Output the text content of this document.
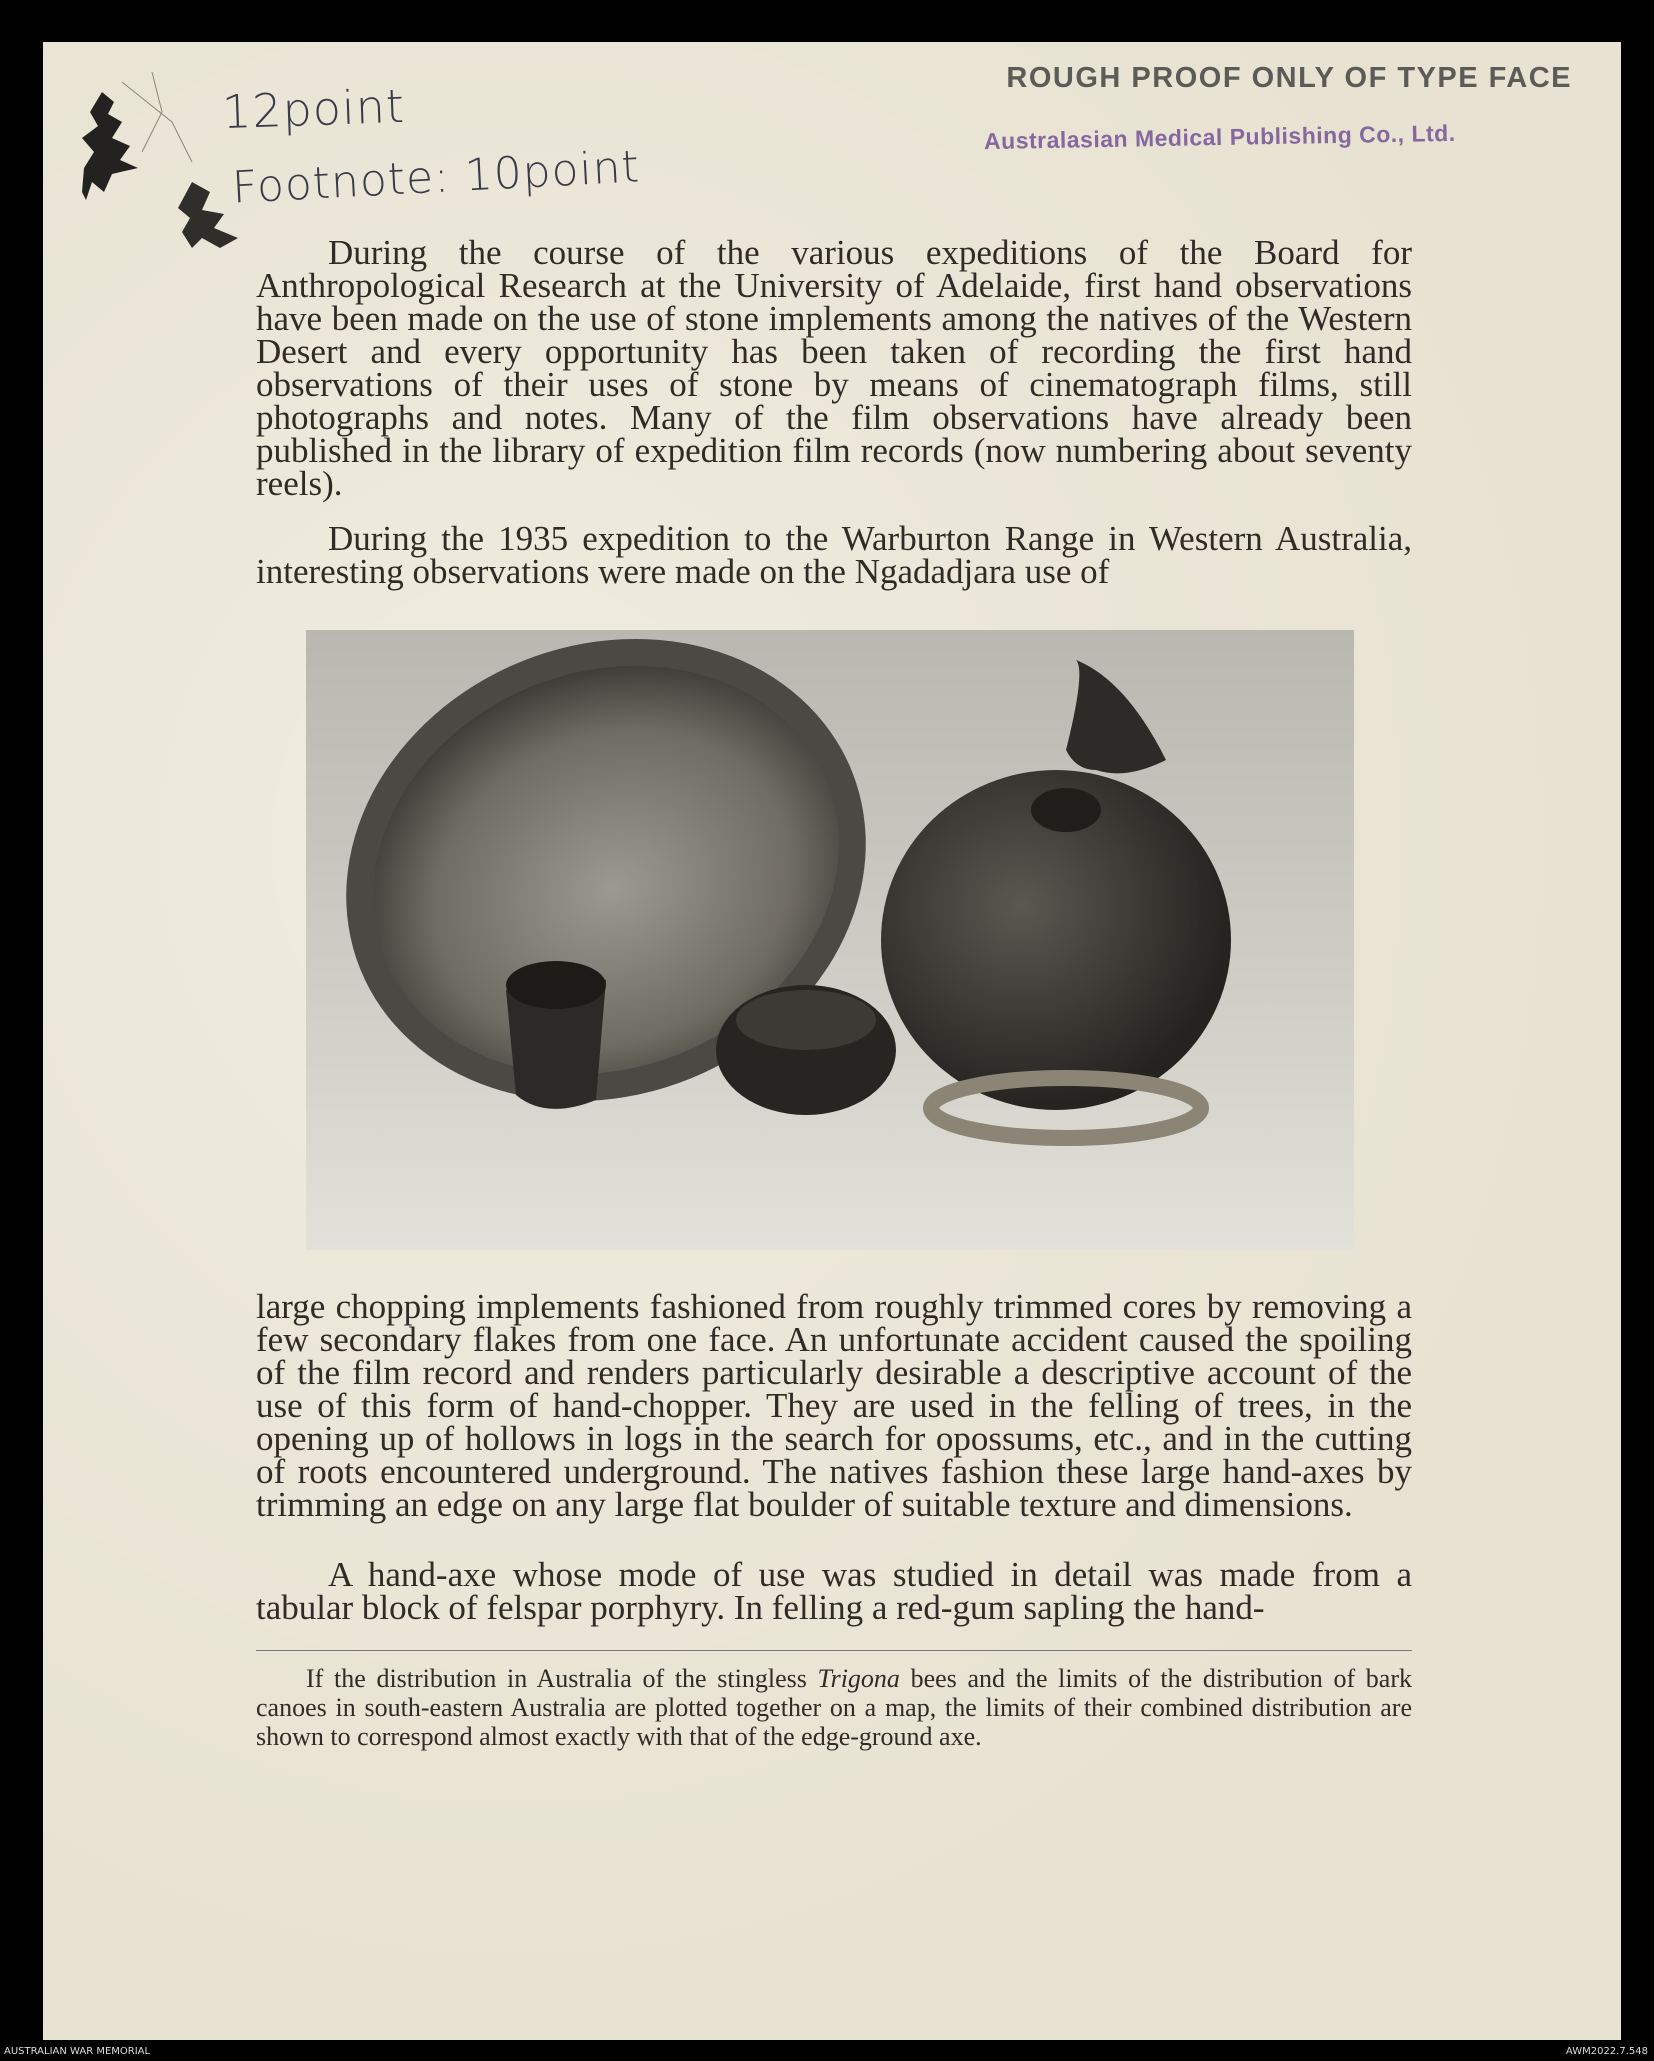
12point
Footnote: 10point
ROUGH PROOF ONLY OF TYPE FACE
Australasian Medical Publishing Co., Ltd.

During the course of the various expeditions of the Board for Anthropological Research at the University of Adelaide, first hand observations have been made on the use of stone implements among the natives of the Western Desert and every opportunity has been taken of recording the first hand observations of their uses of stone by means of cinematograph films, still photographs and notes. Many of the film observations have already been published in the library of expedition film records (now numbering about seventy reels).

During the 1935 expedition to the Warburton Range in Western Australia, interesting observations were made on the Ngadadjara use of

large chopping implements fashioned from roughly trimmed cores by removing a few secondary flakes from one face. An unfortunate accident caused the spoiling of the film record and renders particularly desirable a descriptive account of the use of this form of hand-chopper. They are used in the felling of trees, in the opening up of hollows in logs in the search for opossums, etc., and in the cutting of roots encountered underground. The natives fashion these large hand-axes by trimming an edge on any large flat boulder of suitable texture and dimensions.

A hand-axe whose mode of use was studied in detail was made from a tabular block of felspar porphyry. In felling a red-gum sapling the hand-

If the distribution in Australia of the stingless Trigona bees and the limits of the distribution of bark canoes in south-eastern Australia are plotted together on a map, the limits of their combined distribution are shown to correspond almost exactly with that of the edge-ground axe.

AUSTRALIAN WAR MEMORIAL	AWM2022.7.548
